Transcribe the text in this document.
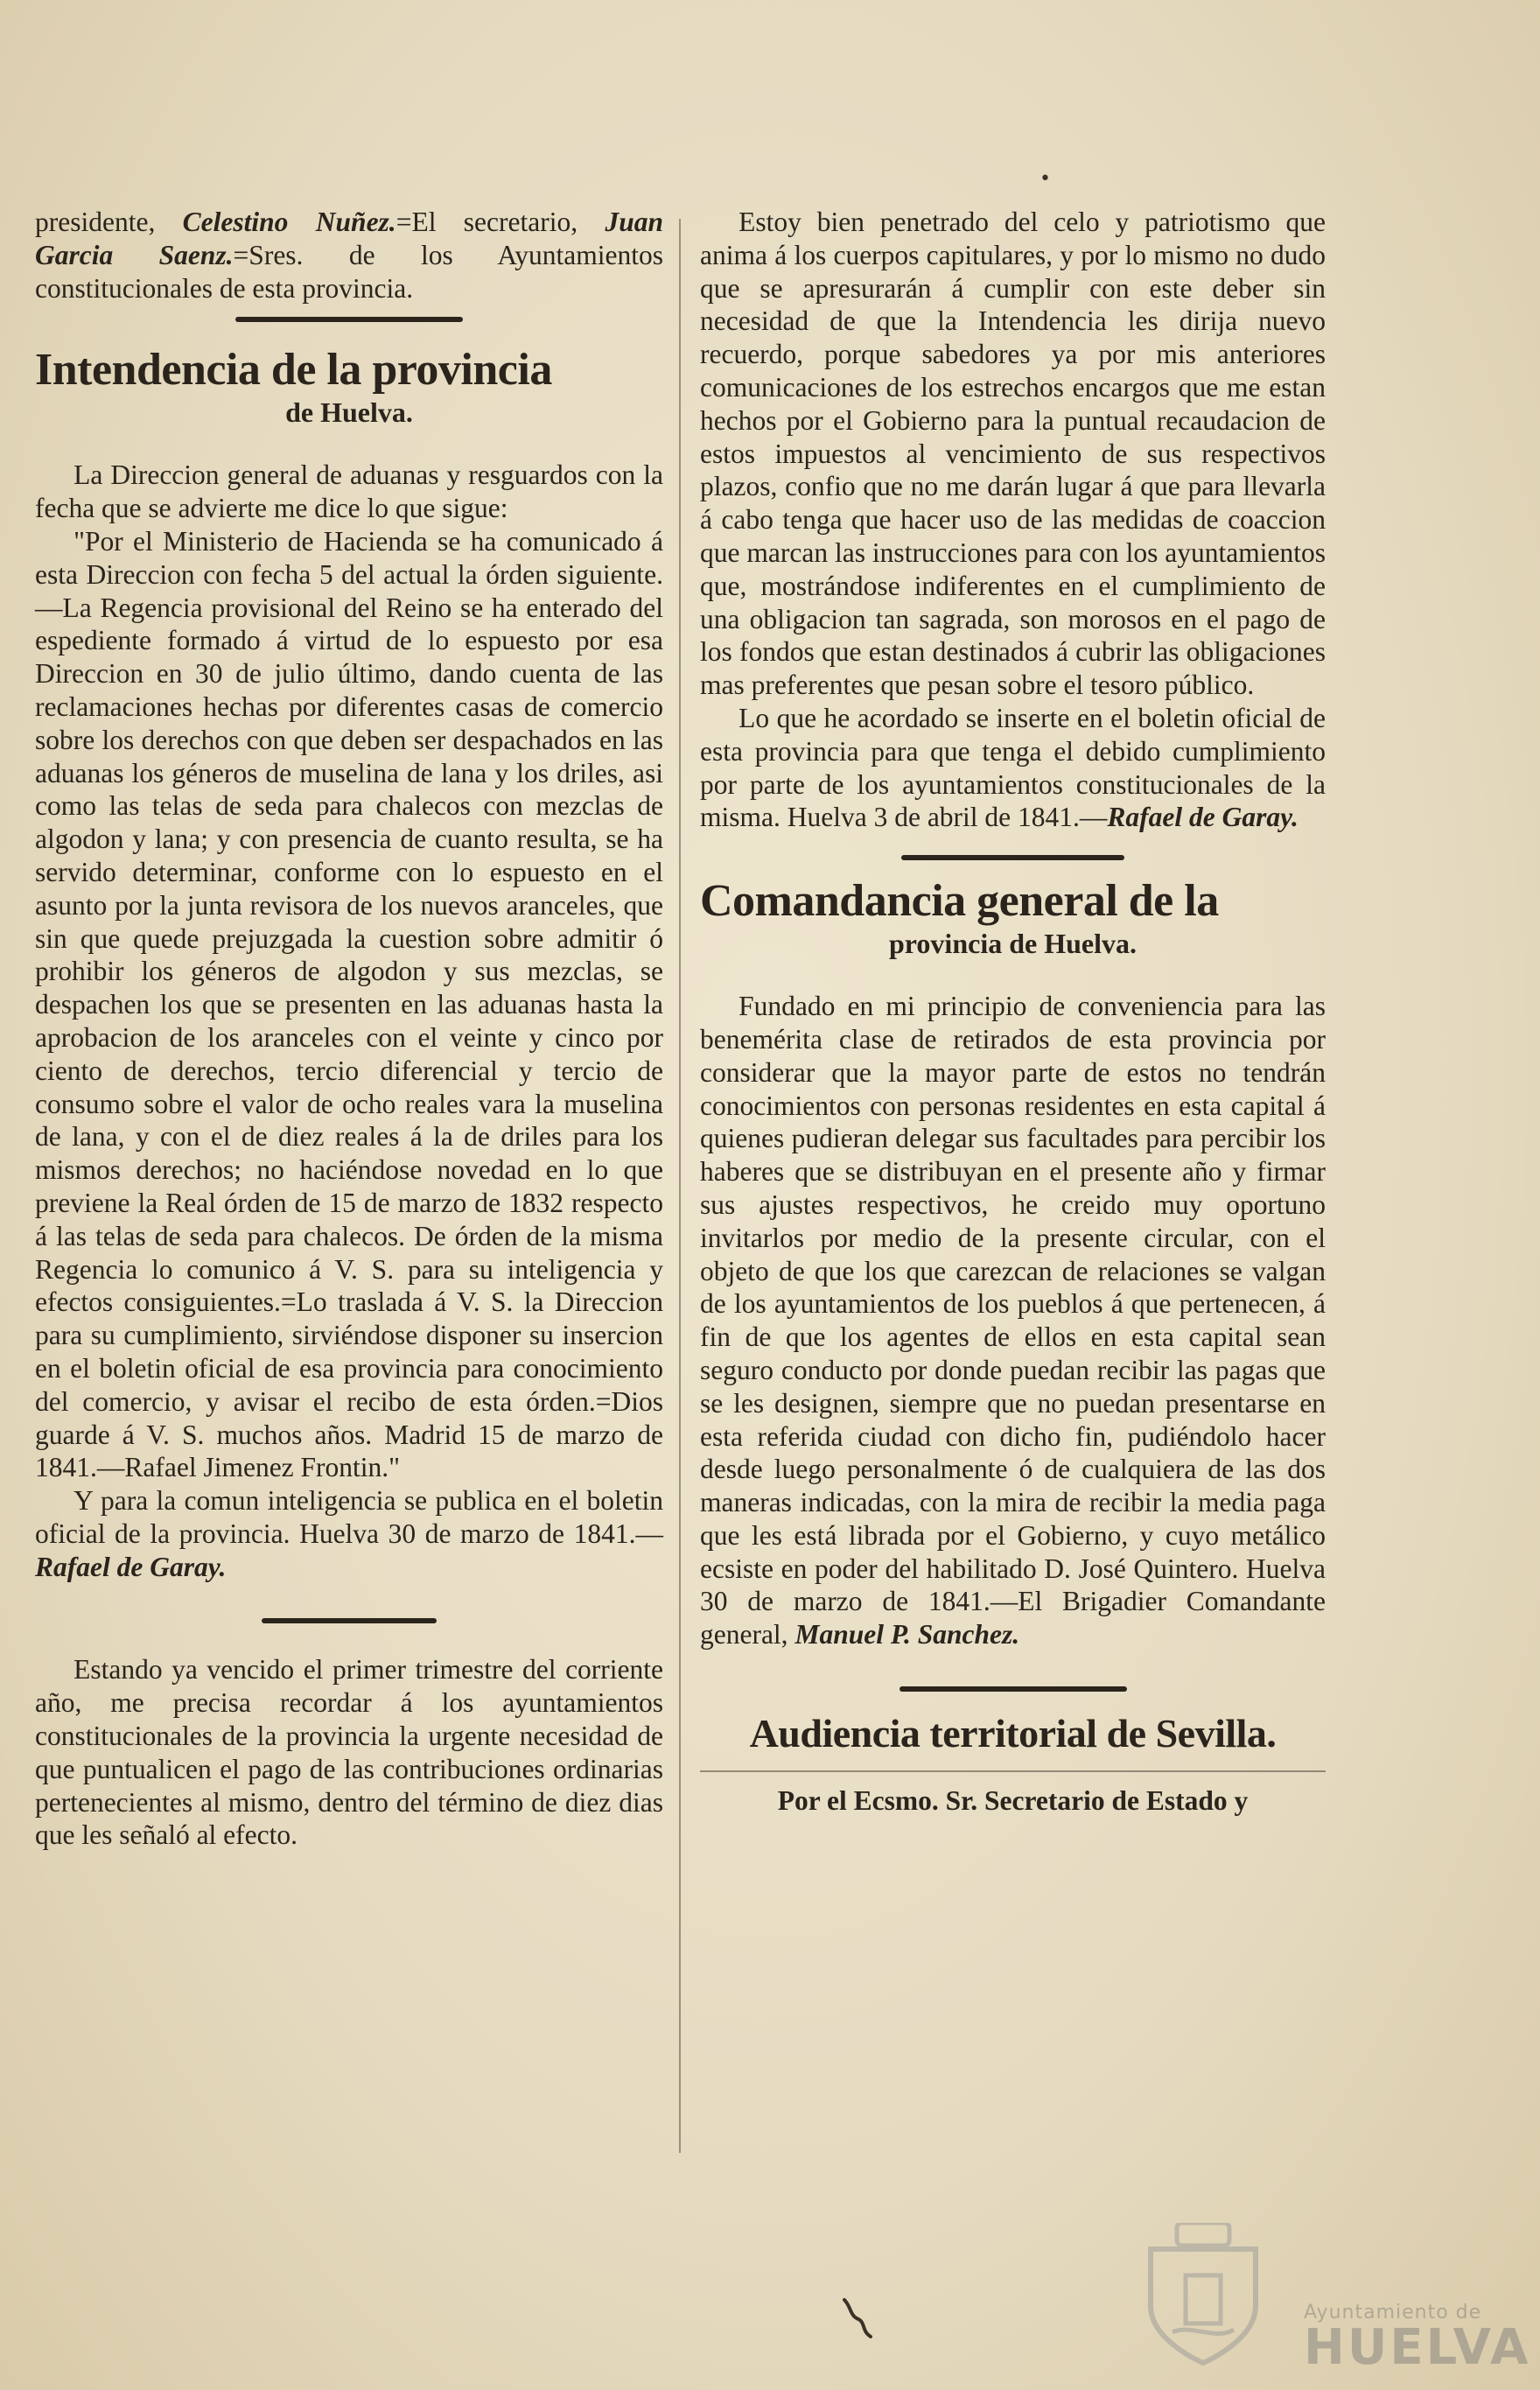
•

presidente, Celestino Nuñez.=El secretario, Juan Garcia Saenz.=Sres. de los Ayuntamientos constitucionales de esta provincia.

Intendencia de la provincia
de Huelva.

La Direccion general de aduanas y resguardos con la fecha que se advierte me dice lo que sigue:

"Por el Ministerio de Hacienda se ha comunicado á esta Direccion con fecha 5 del actual la órden siguiente.—La Regencia provisional del Reino se ha enterado del espediente formado á virtud de lo espuesto por esa Direccion en 30 de julio último, dando cuenta de las reclamaciones hechas por diferentes casas de comercio sobre los derechos con que deben ser despachados en las aduanas los géneros de muselina de lana y los driles, asi como las telas de seda para chalecos con mezclas de algodon y lana; y con presencia de cuanto resulta, se ha servido determinar, conforme con lo espuesto en el asunto por la junta revisora de los nuevos aranceles, que sin que quede prejuzgada la cuestion sobre admitir ó prohibir los géneros de algodon y sus mezclas, se despachen los que se presenten en las aduanas hasta la aprobacion de los aranceles con el veinte y cinco por ciento de derechos, tercio diferencial y tercio de consumo sobre el valor de ocho reales vara la muselina de lana, y con el de diez reales á la de driles para los mismos derechos; no haciéndose novedad en lo que previene la Real órden de 15 de marzo de 1832 respecto á las telas de seda para chalecos. De órden de la misma Regencia lo comunico á V. S. para su inteligencia y efectos consiguientes.=Lo traslada á V. S. la Direccion para su cumplimiento, sirviéndose disponer su insercion en el boletin oficial de esa provincia para conocimiento del comercio, y avisar el recibo de esta órden.=Dios guarde á V. S. muchos años. Madrid 15 de marzo de 1841.—Rafael Jimenez Frontin."

Y para la comun inteligencia se publica en el boletin oficial de la provincia. Huelva 30 de marzo de 1841.—Rafael de Garay.

Estando ya vencido el primer trimestre del corriente año, me precisa recordar á los ayuntamientos constitucionales de la provincia la urgente necesidad de que puntualicen el pago de las contribuciones ordinarias pertenecientes al mismo, dentro del término de diez dias que les señaló al efecto.

Estoy bien penetrado del celo y patriotismo que anima á los cuerpos capitulares, y por lo mismo no dudo que se apresurarán á cumplir con este deber sin necesidad de que la Intendencia les dirija nuevo recuerdo, porque sabedores ya por mis anteriores comunicaciones de los estrechos encargos que me estan hechos por el Gobierno para la puntual recaudacion de estos impuestos al vencimiento de sus respectivos plazos, confio que no me darán lugar á que para llevarla á cabo tenga que hacer uso de las medidas de coaccion que marcan las instrucciones para con los ayuntamientos que, mostrándose indiferentes en el cumplimiento de una obligacion tan sagrada, son morosos en el pago de los fondos que estan destinados á cubrir las obligaciones mas preferentes que pesan sobre el tesoro público.

Lo que he acordado se inserte en el boletin oficial de esta provincia para que tenga el debido cumplimiento por parte de los ayuntamientos constitucionales de la misma. Huelva 3 de abril de 1841.—Rafael de Garay.

Comandancia general de la
provincia de Huelva.

Fundado en mi principio de conveniencia para las benemérita clase de retirados de esta provincia por considerar que la mayor parte de estos no tendrán conocimientos con personas residentes en esta capital á quienes pudieran delegar sus facultades para percibir los haberes que se distribuyan en el presente año y firmar sus ajustes respectivos, he creido muy oportuno invitarlos por medio de la presente circular, con el objeto de que los que carezcan de relaciones se valgan de los ayuntamientos de los pueblos á que pertenecen, á fin de que los agentes de ellos en esta capital sean seguro conducto por donde puedan recibir las pagas que se les designen, siempre que no puedan presentarse en esta referida ciudad con dicho fin, pudiéndolo hacer desde luego personalmente ó de cualquiera de las dos maneras indicadas, con la mira de recibir la media paga que les está librada por el Gobierno, y cuyo metálico ecsiste en poder del habilitado D. José Quintero. Huelva 30 de marzo de 1841.—El Brigadier Comandante general, Manuel P. Sanchez.

Audiencia territorial de Sevilla.

Por el Ecsmo. Sr. Secretario de Estado y

Ayuntamiento de
HUELVA
